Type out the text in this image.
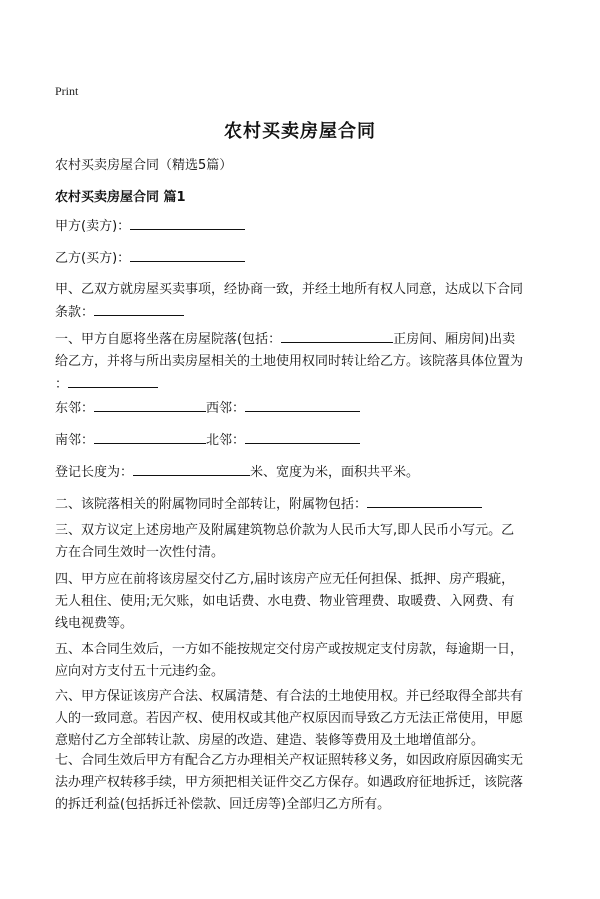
Print
农村买卖房屋合同
农村买卖房屋合同（精选5篇）
农村买卖房屋合同 篇1

甲方(卖方)：

乙方(买方)：

甲、乙双方就房屋买卖事项，经协商一致，并经土地所有权人同意，达成以下合同
条款：

一、甲方自愿将坐落在房屋院落(包括：	正房间、厢房间)出卖
给乙方，并将与所出卖房屋相关的土地使用权同时转让给乙方。该院落具体位置为
：

东邻：	西邻：

南邻：	北邻：

登记长度为：	米、宽度为米，面积共平米。

二、该院落相关的附属物同时全部转让，附属物包括：

三、双方议定上述房地产及附属建筑物总价款为人民币大写,即人民币小写元。乙
方在合同生效时一次性付清。

四、甲方应在前将该房屋交付乙方,届时该房产应无任何担保、抵押、房产瑕疵，
无人租住、使用;无欠账，如电话费、水电费、物业管理费、取暖费、入网费、有
线电视费等。

五、本合同生效后，一方如不能按规定交付房产或按规定支付房款，每逾期一日，
应向对方支付五十元违约金。

六、甲方保证该房产合法、权属清楚、有合法的土地使用权。并已经取得全部共有
人的一致同意。若因产权、使用权或其他产权原因而导致乙方无法正常使用，甲愿
意赔付乙方全部转让款、房屋的改造、建造、装修等费用及土地增值部分。

七、合同生效后甲方有配合乙方办理相关产权证照转移义务，如因政府原因确实无
法办理产权转移手续，甲方须把相关证件交乙方保存。如遇政府征地拆迁，该院落
的拆迁利益(包括拆迁补偿款、回迁房等)全部归乙方所有。
